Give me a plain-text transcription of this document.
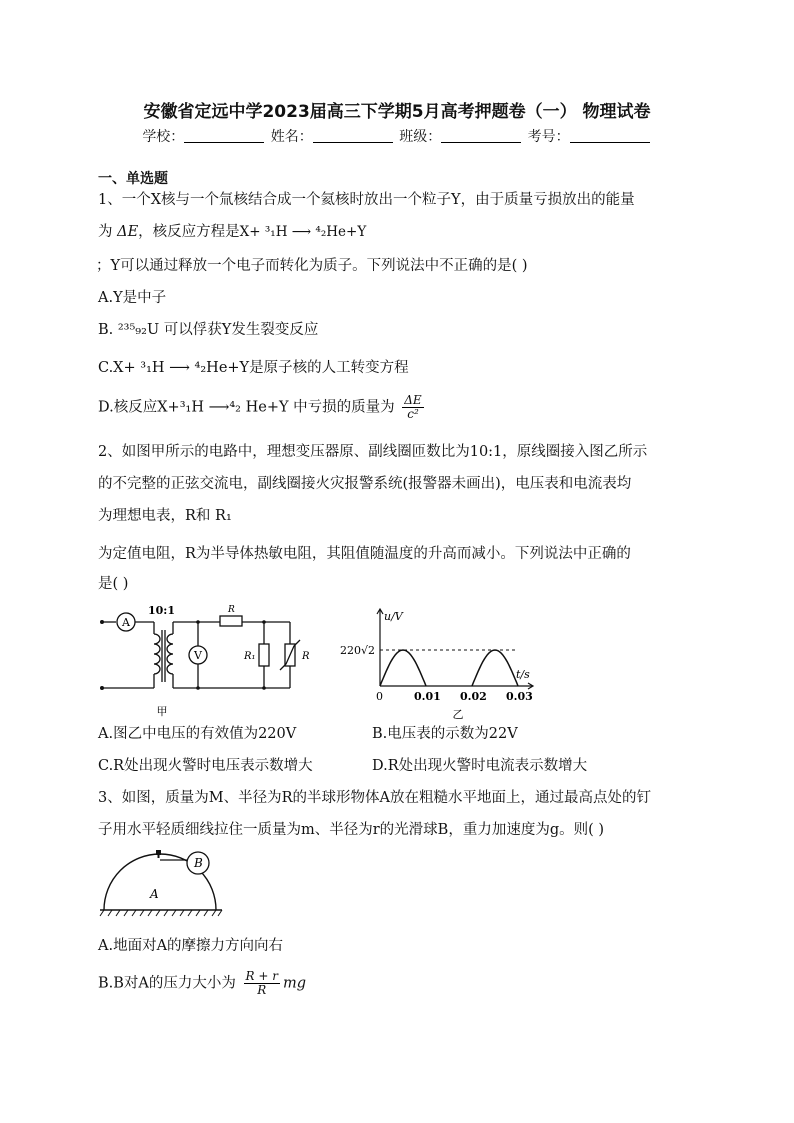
安徽省定远中学2023届高三下学期5月高考押题卷（一） 物理试卷
学校：	姓名：	班级：	考号：
一、单选题
1、一个X核与一个氚核结合成一个氦核时放出一个粒子Y，由于质量亏损放出的能量
为 ΔE，核反应方程是X+ ³₁H ⟶ ⁴₂He+Y
；Y可以通过释放一个电子而转化为质子。下列说法中不正确的是( )
A.Y是中子
B. ²³⁵₉₂U 可以俘获Y发生裂变反应
C.X+ ³₁H ⟶ ⁴₂He+Y是原子核的人工转变方程
D.核反应X+³₁H ⟶⁴₂ He+Y 中亏损的质量为 $\frac{\Delta E}{\text{c²}}$
2、如图甲所示的电路中，理想变压器原、副线圈匝数比为10:1，原线圈接入图乙所示
的不完整的正弦交流电，副线圈接火灾报警系统(报警器未画出)，电压表和电流表均
为理想电表，R和 R₁
为定值电阻，R为半导体热敏电阻，其阻值随温度的升高而减小。下列说法中正确的
是( )
A
V
10:1	R
R₁	R
甲
u/V
220√2
t/s
0	0.01 0.02 0.03
乙
A.图乙中电压的有效值为220V	B.电压表的示数为22V
C.R处出现火警时电压表示数增大	D.R处出现火警时电流表示数增大
3、如图，质量为M、半径为R的半球形物体A放在粗糙水平地面上，通过最高点处的钉
子用水平轻质细线拉住一质量为m、半径为r的光滑球B，重力加速度为g。则( )
B
A
A.地面对A的摩擦力方向向右
B.B对A的压力大小为 $\frac{R + r}{R}$ mg
